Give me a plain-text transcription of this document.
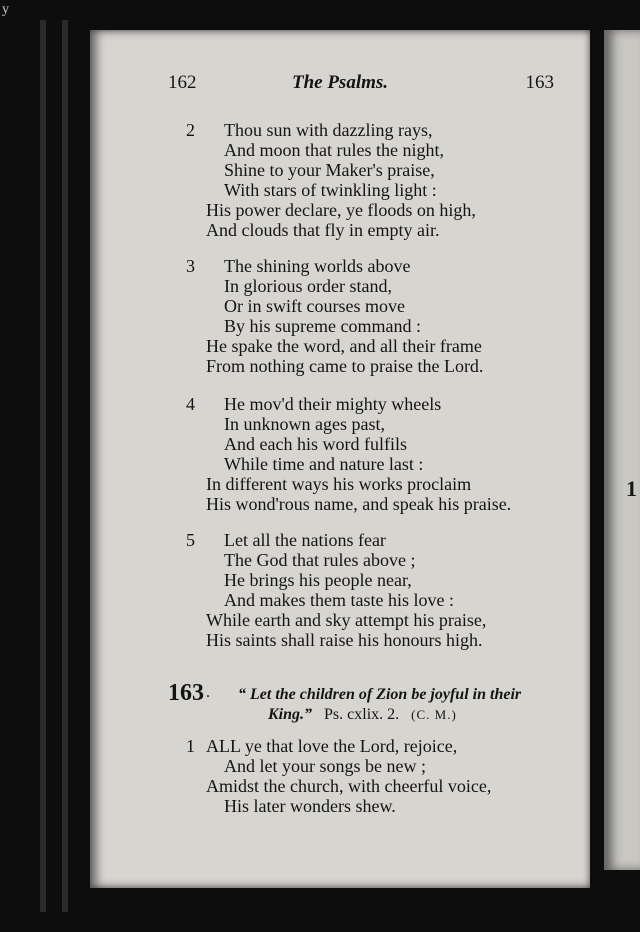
y
162	The Psalms.	163
2 Thou sun with dazzling rays,
And moon that rules the night,
Shine to your Maker's praise,
With stars of twinkling light :
His power declare, ye floods on high,
And clouds that fly in empty air.
3 The shining worlds above
In glorious order stand,
Or in swift courses move
By his supreme command :
He spake the word, and all their frame
From nothing came to praise the Lord.
4 He mov'd their mighty wheels
In unknown ages past,
And each his word fulfils
While time and nature last :
In different ways his works proclaim
His wond'rous name, and speak his praise.
5 Let all the nations fear
The God that rules above ;
He brings his people near,
And makes them taste his love :
While earth and sky attempt his praise,
His saints shall raise his honours high.
163 . “ Let the children of Zion be joyful in their
King.” Ps. cxlix. 2. (C. M.)
1 ALL ye that love the Lord, rejoice,
And let your songs be new ;
Amidst the church, with cheerful voice,
His later wonders shew.
1
